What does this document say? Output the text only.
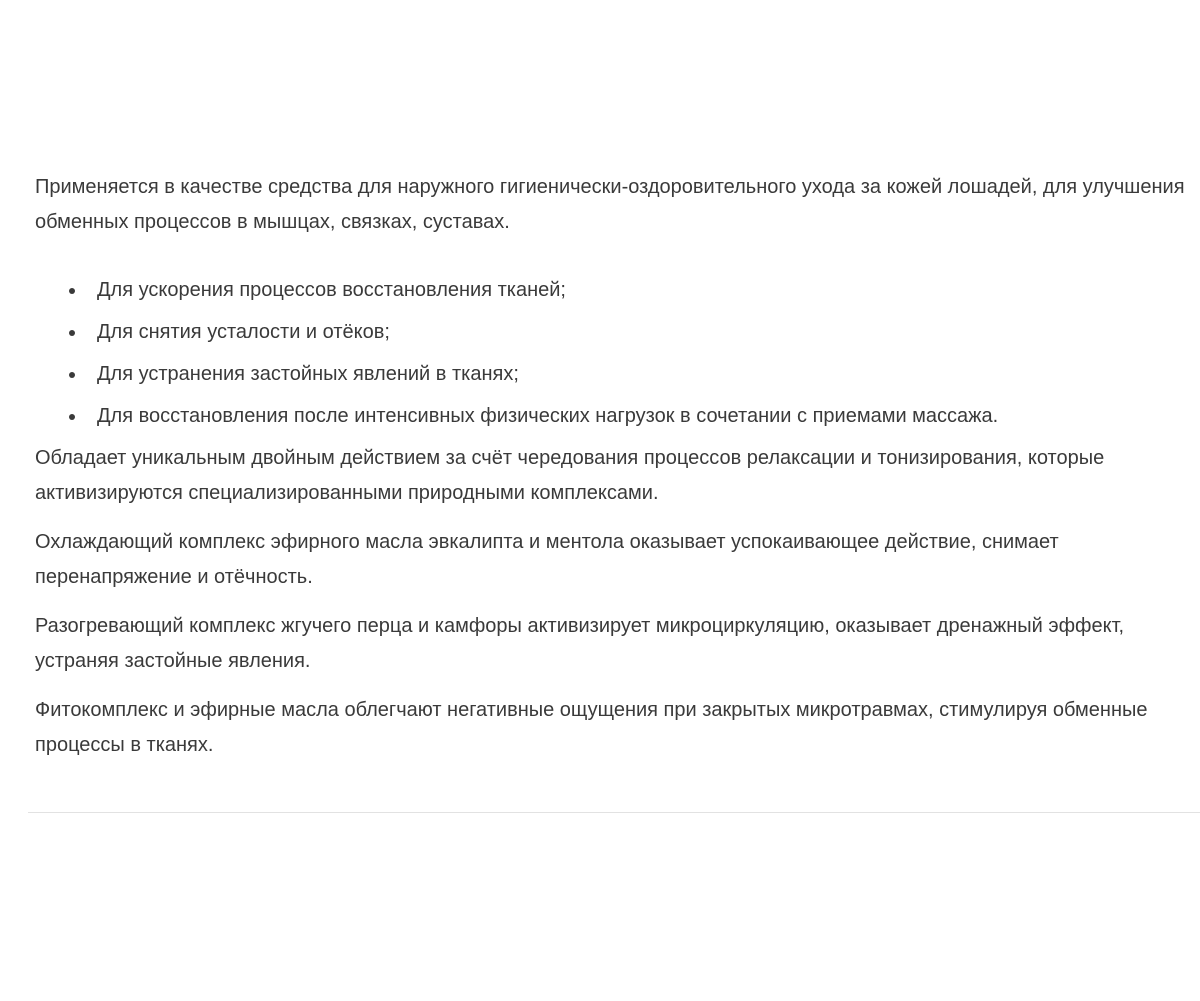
Применяется в качестве средства для наружного гигиенически-оздоровительного ухода за кожей лошадей, для улучшения обменных процессов в мышцах, связках, суставах.

Для ускорения процессов восстановления тканей;
Для снятия усталости и отёков;
Для устранения застойных явлений в тканях;
Для восстановления после интенсивных физических нагрузок в сочетании с приемами массажа.

Обладает уникальным двойным действием за счёт чередования процессов релаксации и тонизирования, которые активизируются специализированными природными комплексами.

Охлаждающий комплекс эфирного масла эвкалипта и ментола оказывает успокаивающее действие, снимает перенапряжение и отёчность.

Разогревающий комплекс жгучего перца и камфоры активизирует микроциркуляцию, оказывает дренажный эффект, устраняя застойные явления.

Фитокомплекс и эфирные масла облегчают негативные ощущения при закрытых микротравмах, стимулируя обменные процессы в тканях.
